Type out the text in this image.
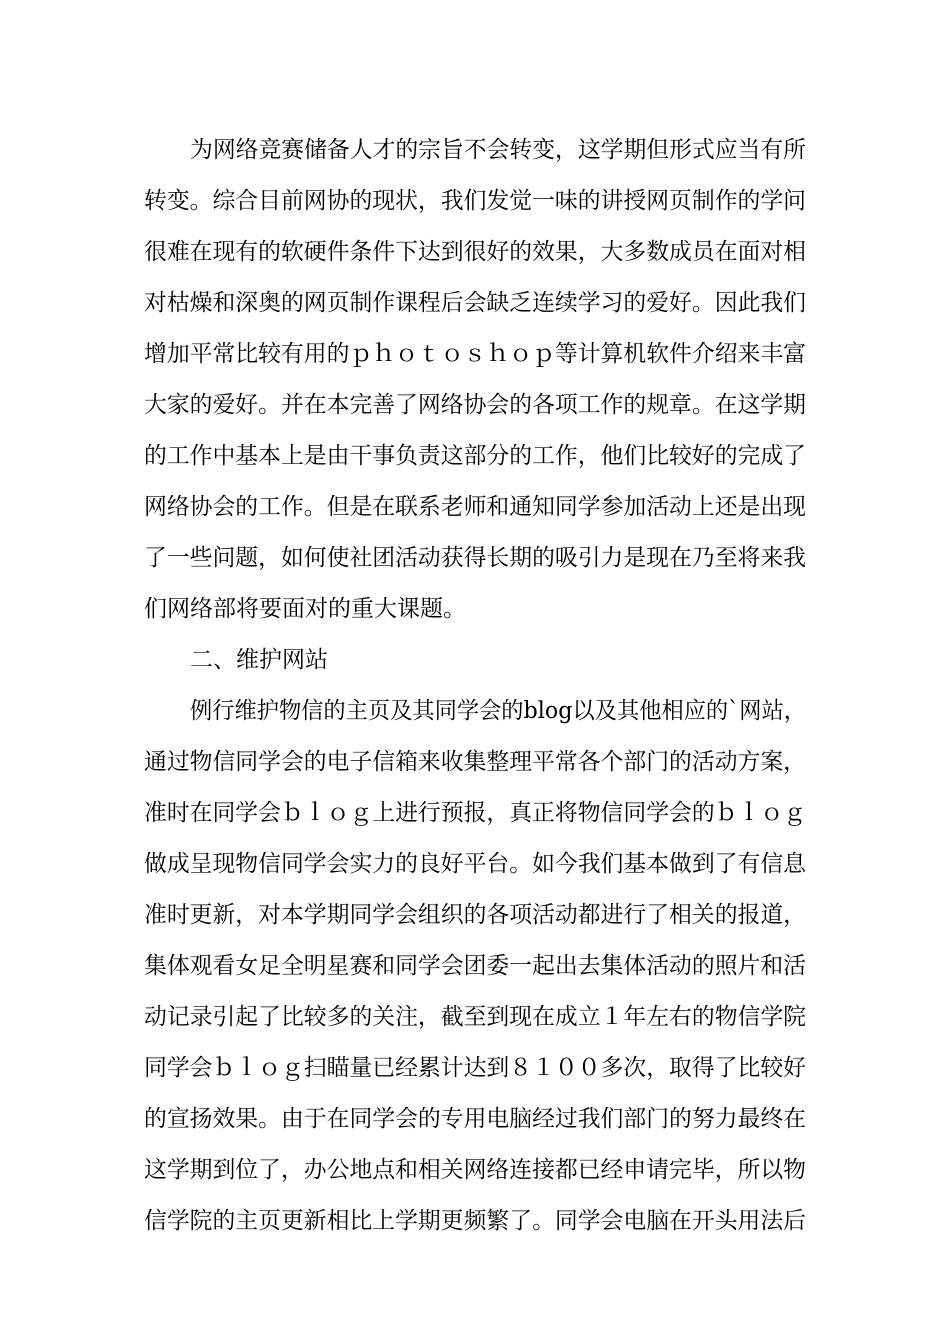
为网络竞赛储备人才的宗旨不会转变，这学期但形式应当有所
转变。综合目前网协的现状，我们发觉一味的讲授网页制作的学问
很难在现有的软硬件条件下达到很好的效果，大多数成员在面对相
对枯燥和深奥的网页制作课程后会缺乏连续学习的爱好。因此我们
增加平常比较有用的ｐｈｏｔｏｓｈｏｐ等计算机软件介绍来丰富
大家的爱好。并在本完善了网络协会的各项工作的规章。在这学期
的工作中基本上是由干事负责这部分的工作，他们比较好的完成了
网络协会的工作。但是在联系老师和通知同学参加活动上还是出现
了一些问题，如何使社团活动获得长期的吸引力是现在乃至将来我
们网络部将要面对的重大课题。
二、维护网站
例行维护物信的主页及其同学会的blog以及其他相应的`网站，
通过物信同学会的电子信箱来收集整理平常各个部门的活动方案，
准时在同学会ｂｌｏｇ上进行预报，真正将物信同学会的ｂｌｏｇ
做成呈现物信同学会实力的良好平台。如今我们基本做到了有信息
准时更新，对本学期同学会组织的各项活动都进行了相关的报道，
集体观看女足全明星赛和同学会团委一起出去集体活动的照片和活
动记录引起了比较多的关注，截至到现在成立１年左右的物信学院
同学会ｂｌｏｇ扫瞄量已经累计达到８１００多次，取得了比较好
的宣扬效果。由于在同学会的专用电脑经过我们部门的努力最终在
这学期到位了，办公地点和相关网络连接都已经申请完毕，所以物
信学院的主页更新相比上学期更频繁了。同学会电脑在开头用法后
